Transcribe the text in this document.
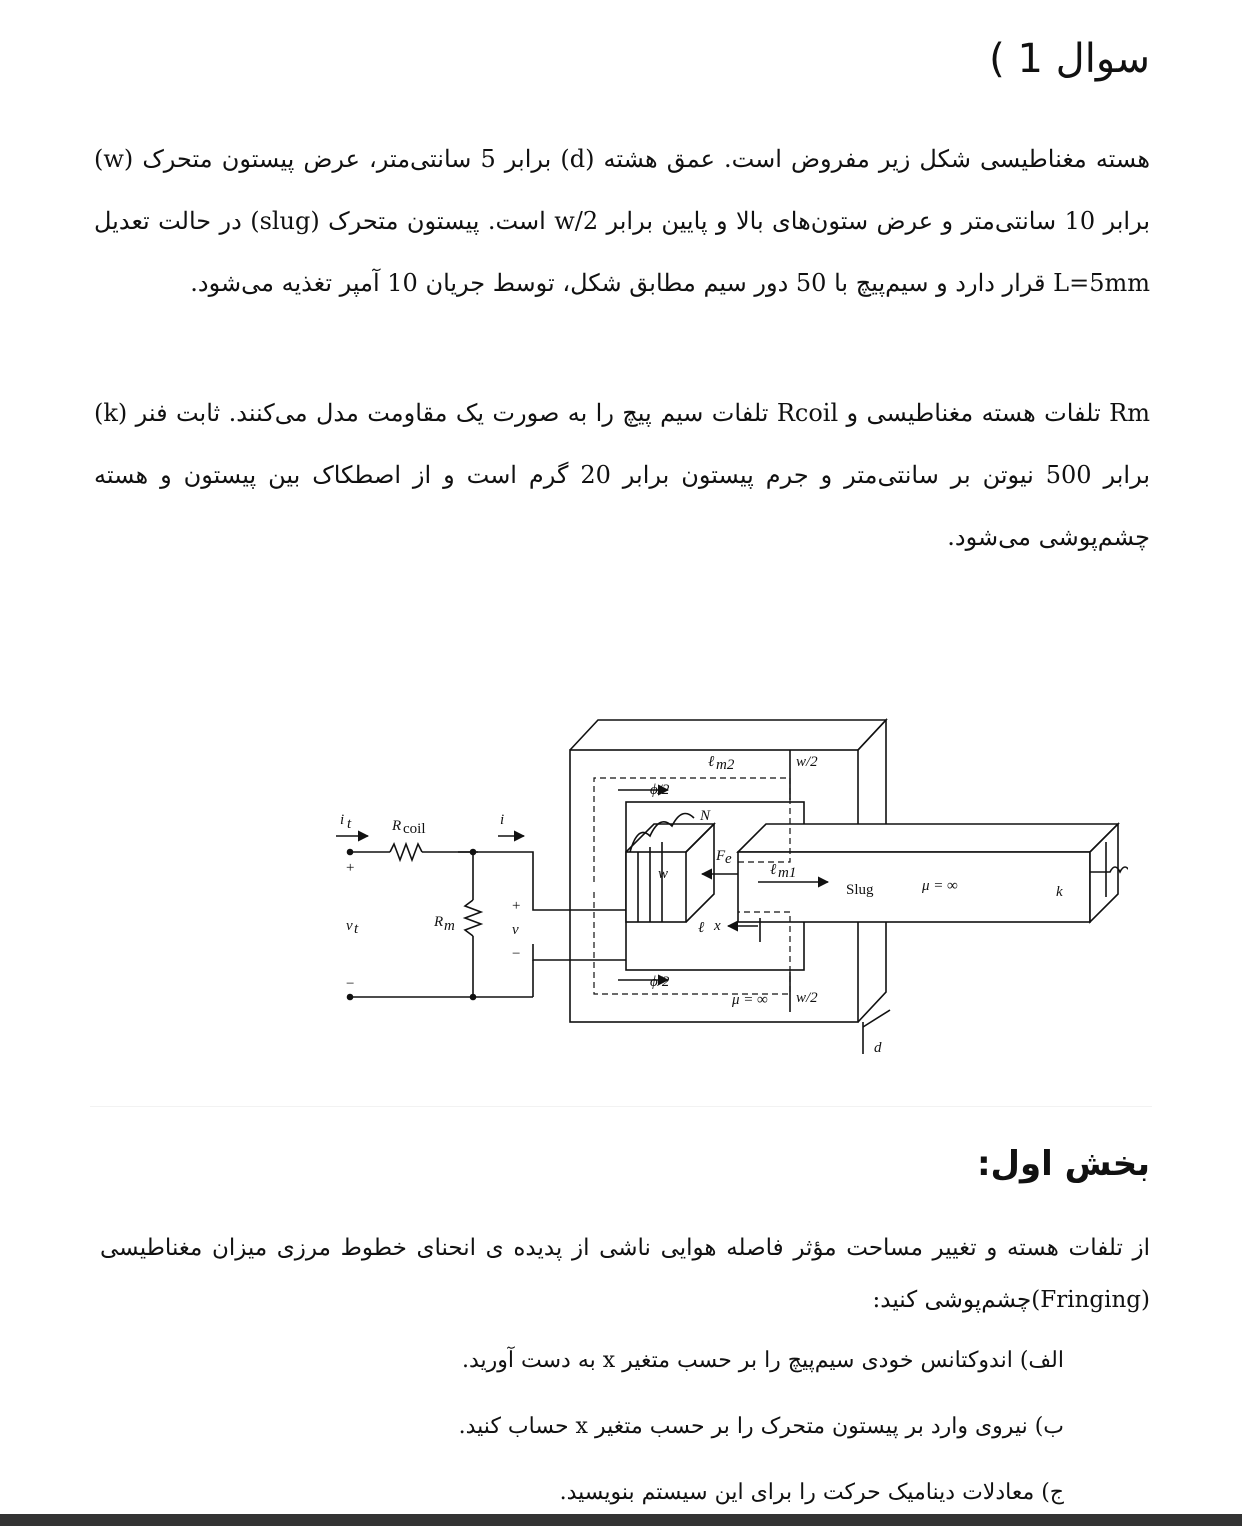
سوال 1 )
هسته مغناطیسی شکل زیر مفروض است. عمق هشته (d) برابر 5 سانتی‌متر، عرض پیستون متحرک (w) برابر 10 سانتی‌متر و عرض ستون‌های بالا و پایین برابر w/2 است. پیستون متحرک (slug) در حالت تعدیل L=5mm قرار دارد و سیم‌پیچ با 50 دور سیم مطابق شکل، توسط جریان 10 آمپر تغذیه می‌شود.
Rm تلفات هسته مغناطیسی و Rcoil تلفات سیم پیچ را به صورت یک مقاومت مدل می‌کنند. ثابت فنر (k) برابر 500 نیوتن بر سانتی‌متر و جرم پیستون برابر 20 گرم است و از اصطکاک بین پیستون و هسته چشم‌پوشی می‌شود.
i t	R coil
i
+
−
v t	R m
+
v
−
ϕ/2
ϕ/2
ℓ m2	w/2
N
F e
ℓ m1
w
ℓ x
Slug	μ = ∞
μ = ∞ w/2
k
d
بخش اول:
از تلفات هسته و تغییر مساحت مؤثر فاصله هوایی ناشی از پدیده ی انحنای خطوط مرزی میزان مغناطیسی (Fringing)چشم‌پوشی کنید:
الف) اندوکتانس خودی سیم‌پیچ را بر حسب متغیر x به دست آورید.
ب) نیروی وارد بر پیستون متحرک را بر حسب متغیر x حساب کنید.
ج) معادلات دینامیک حرکت را برای این سیستم بنویسید.
